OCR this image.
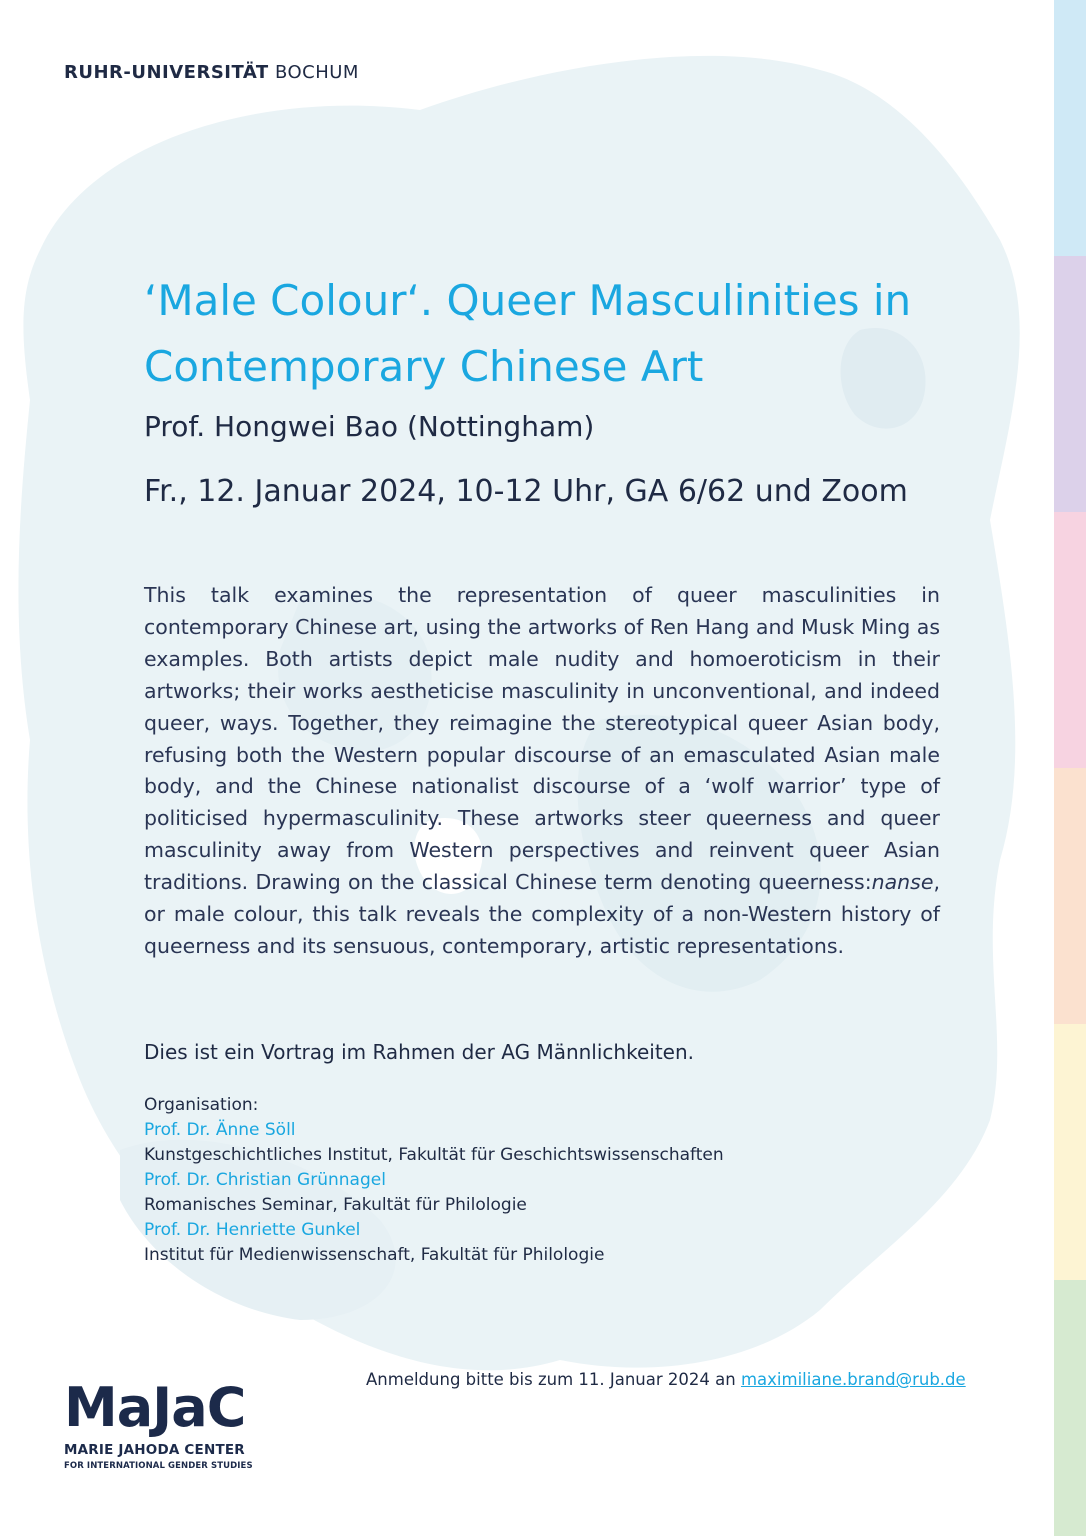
RUHR-UNIVERSITÄT BOCHUM
‘Male Colour‘. Queer Masculinities in
Contemporary Chinese Art
Prof. Hongwei Bao (Nottingham)
Fr., 12. Januar 2024, 10-12 Uhr, GA 6/62 und Zoom

This talk examines the representation of queer masculinities in contemporary Chinese art, using the artworks of Ren Hang and Musk Ming as examples. Both artists depict male nudity and homoeroticism in their artworks; their works aestheticise masculinity in unconventional, and indeed queer, ways. Together, they reimagine the stereotypical queer Asian body, refusing both the Western popular discourse of an emasculated Asian male body, and the Chinese nationalist discourse of a ‘wolf warrior’ type of politicised hypermasculinity. These artworks steer queerness and queer masculinity away from Western perspectives and reinvent queer Asian traditions. Drawing on the classical Chinese term denoting queerness:nanse, or male colour, this talk reveals the complexity of a non-Western history of queerness and its sensuous, contemporary, artistic representations.

Dies ist ein Vortrag im Rahmen der AG Männlichkeiten.
Organisation:
Prof. Dr. Änne Söll
Kunstgeschichtliches Institut, Fakultät für Geschichtswissenschaften
Prof. Dr. Christian Grünnagel
Romanisches Seminar, Fakultät für Philologie
Prof. Dr. Henriette Gunkel
Institut für Medienwissenschaft, Fakultät für Philologie
Anmeldung bitte bis zum 11. Januar 2024 an maximiliane.brand@rub.de
MaJaC
MARIE JAHODA CENTER
FOR INTERNATIONAL GENDER STUDIES
